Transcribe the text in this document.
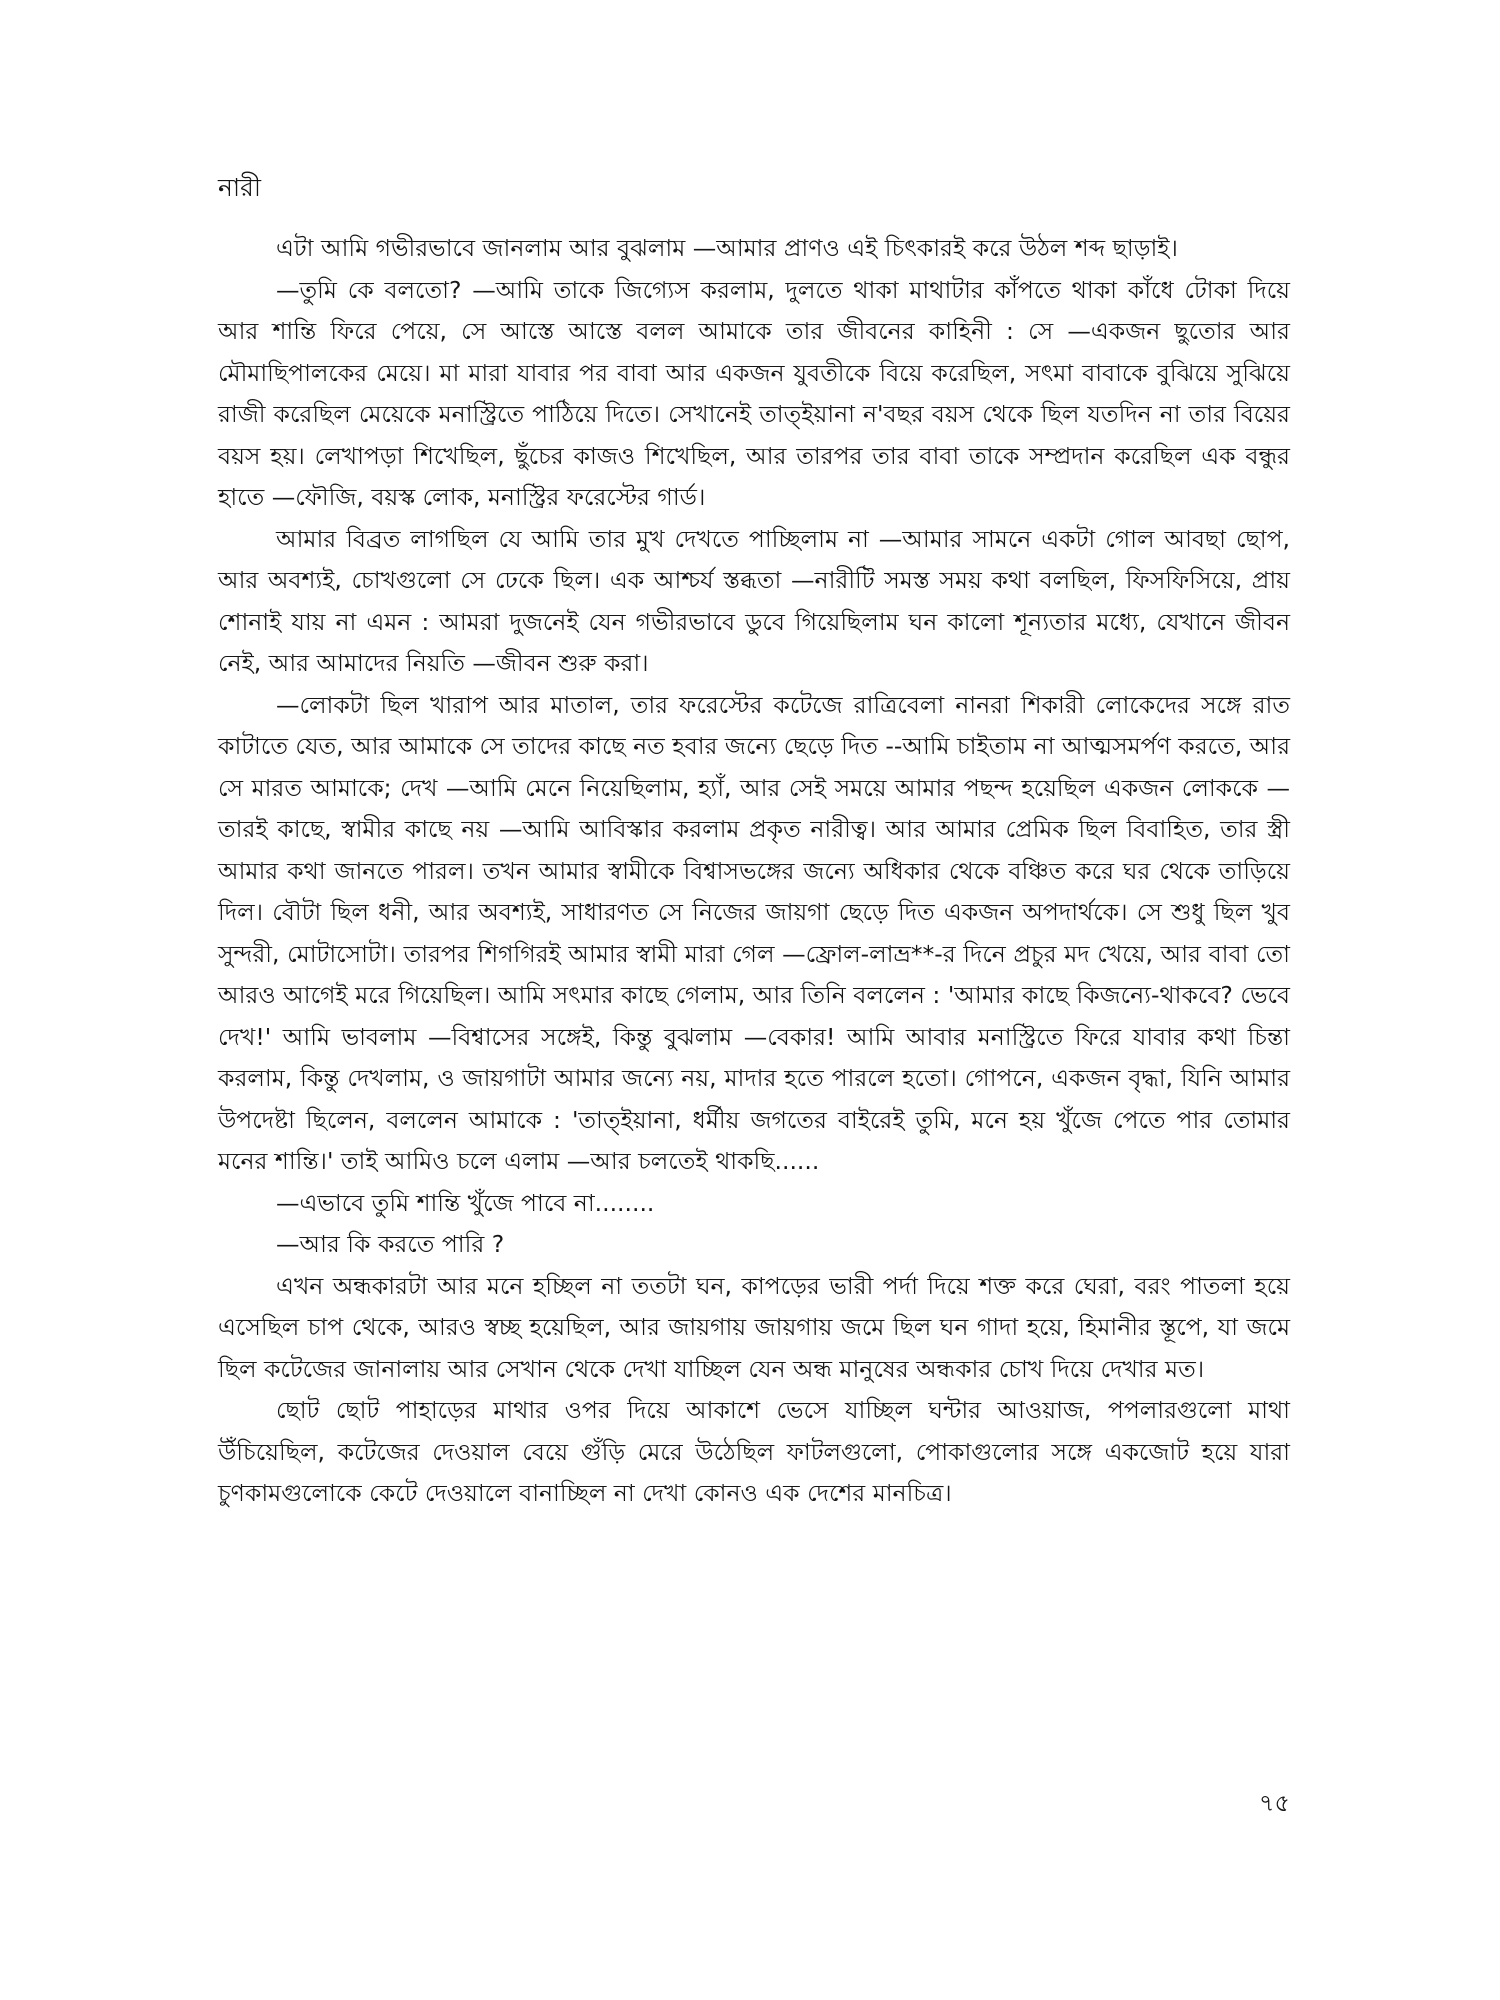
নারী

এটা আমি গভীরভাবে জানলাম আর বুঝলাম —আমার প্রাণও এই চিৎকারই করে উঠল শব্দ ছাড়াই।

—তুমি কে বলতো? —আমি তাকে জিগ্যেস করলাম, দুলতে থাকা মাথাটার কাঁপতে থাকা কাঁধে টোকা দিয়ে আর শান্তি ফিরে পেয়ে, সে আস্তে আস্তে বলল আমাকে তার জীবনের কাহিনী : সে —একজন ছুতোর আর মৌমাছিপালকের মেয়ে। মা মারা যাবার পর বাবা আর একজন যুবতীকে বিয়ে করেছিল, সৎমা বাবাকে বুঝিয়ে সুঝিয়ে রাজী করেছিল মেয়েকে মনাস্ট্রিতে পাঠিয়ে দিতে। সেখানেই তাত্‌ইয়ানা ন'বছর বয়স থেকে ছিল যতদিন না তার বিয়ের বয়স হয়। লেখাপড়া শিখেছিল, ছুঁচের কাজও শিখেছিল, আর তারপর তার বাবা তাকে সম্প্রদান করেছিল এক বন্ধুর হাতে —ফৌজি, বয়স্ক লোক, মনাস্ট্রির ফরেস্টের গার্ড।

আমার বিব্রত লাগছিল যে আমি তার মুখ দেখতে পাচ্ছিলাম না —আমার সামনে একটা গোল আবছা ছোপ, আর অবশ্যই, চোখগুলো সে ঢেকে ছিল। এক আশ্চর্য স্তব্ধতা —নারীটি সমস্ত সময় কথা বলছিল, ফিসফিসিয়ে, প্রায় শোনাই যায় না এমন : আমরা দুজনেই যেন গভীরভাবে ডুবে গিয়েছিলাম ঘন কালো শূন্যতার মধ্যে, যেখানে জীবন নেই, আর আমাদের নিয়তি —জীবন শুরু করা।

—লোকটা ছিল খারাপ আর মাতাল, তার ফরেস্টের কটেজে রাত্রিবেলা নানরা শিকারী লোকেদের সঙ্গে রাত কাটাতে যেত, আর আমাকে সে তাদের কাছে নত হবার জন্যে ছেড়ে দিত --আমি চাইতাম না আত্মসমর্পণ করতে, আর সে মারত আমাকে; দেখ —আমি মেনে নিয়েছিলাম, হ্যাঁ, আর সেই সময়ে আমার পছন্দ হয়েছিল একজন লোককে —তারই কাছে, স্বামীর কাছে নয় —আমি আবিস্কার করলাম প্রকৃত নারীত্ব। আর আমার প্রেমিক ছিল বিবাহিত, তার স্ত্রী আমার কথা জানতে পারল। তখন আমার স্বামীকে বিশ্বাসভঙ্গের জন্যে অধিকার থেকে বঞ্চিত করে ঘর থেকে তাড়িয়ে দিল। বৌটা ছিল ধনী, আর অবশ্যই, সাধারণত সে নিজের জায়গা ছেড়ে দিত একজন অপদার্থকে। সে শুধু ছিল খুব সুন্দরী, মোটাসোটা। তারপর শিগগিরই আমার স্বামী মারা গেল —ফ্রোল-লাভ্র**-র দিনে প্রচুর মদ খেয়ে, আর বাবা তো আরও আগেই মরে গিয়েছিল। আমি সৎমার কাছে গেলাম, আর তিনি বললেন : 'আমার কাছে কিজন্যে-থাকবে? ভেবে দেখ!' আমি ভাবলাম —বিশ্বাসের সঙ্গেই, কিন্তু বুঝলাম —বেকার! আমি আবার মনাস্ট্রিতে ফিরে যাবার কথা চিন্তা করলাম, কিন্তু দেখলাম, ও জায়গাটা আমার জন্যে নয়, মাদার হতে পারলে হতো। গোপনে, একজন বৃদ্ধা, যিনি আমার উপদেষ্টা ছিলেন, বললেন আমাকে : 'তাত্‌ইয়ানা, ধর্মীয় জগতের বাইরেই তুমি, মনে হয় খুঁজে পেতে পার তোমার মনের শান্তি।' তাই আমিও চলে এলাম —আর চলতেই থাকছি......

—এভাবে তুমি শান্তি খুঁজে পাবে না........

—আর কি করতে পারি ?

এখন অন্ধকারটা আর মনে হচ্ছিল না ততটা ঘন, কাপড়ের ভারী পর্দা দিয়ে শক্ত করে ঘেরা, বরং পাতলা হয়ে এসেছিল চাপ থেকে, আরও স্বচ্ছ হয়েছিল, আর জায়গায় জায়গায় জমে ছিল ঘন গাদা হয়ে, হিমানীর স্তূপে, যা জমে ছিল কটেজের জানালায় আর সেখান থেকে দেখা যাচ্ছিল যেন অন্ধ মানুষের অন্ধকার চোখ দিয়ে দেখার মত।

ছোট ছোট পাহাড়ের মাথার ওপর দিয়ে আকাশে ভেসে যাচ্ছিল ঘন্টার আওয়াজ, পপলারগুলো মাথা উঁচিয়েছিল, কটেজের দেওয়াল বেয়ে গুঁড়ি মেরে উঠেছিল ফাটলগুলো, পোকাগুলোর সঙ্গে একজোট হয়ে যারা চুণকামগুলোকে কেটে দেওয়ালে বানাচ্ছিল না দেখা কোনও এক দেশের মানচিত্র।

৭৫
